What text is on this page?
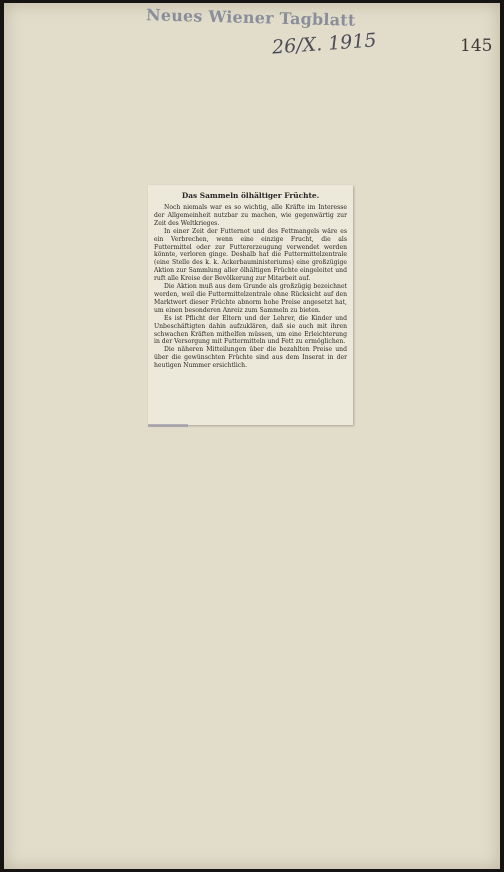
Neues Wiener Tagblatt
26/X. 1915	145

Das Sammeln ölhältiger Früchte.

Noch niemals war es so wichtig, alle Kräfte im Interesse der Allgemeinheit nutzbar zu machen, wie gegenwärtig zur Zeit des Weltkrieges.

In einer Zeit der Futternot und des Fettmangels wäre es ein Verbrechen, wenn eine einzige Frucht, die als Futtermittel oder zur Futtererzeugung verwendet werden könnte, verloren ginge. Deshalb hat die Futtermittelzentrale (eine Stelle des k. k. Ackerbauministeriums) eine großzügige Aktion zur Sammlung aller ölhältigen Früchte eingeleitet und ruft alle Kreise der Bevölkerung zur Mitarbeit auf.

Die Aktion muß aus dem Grunde als großzügig bezeichnet werden, weil die Futtermittelzentrale ohne Rücksicht auf den Marktwert dieser Früchte abnorm hohe Preise angesetzt hat, um einen besonderen Anreiz zum Sammeln zu bieten.

Es ist Pflicht der Eltern und der Lehrer, die Kinder und Unbeschäftigten dahin aufzuklären, daß sie auch mit ihren schwachen Kräften mithelfen müssen, um eine Erleichterung in der Versorgung mit Futtermitteln und Fett zu ermöglichen.

Die näheren Mitteilungen über die bezahlten Preise und über die gewünschten Früchte sind aus dem Inserat in der heutigen Nummer ersichtlich.
